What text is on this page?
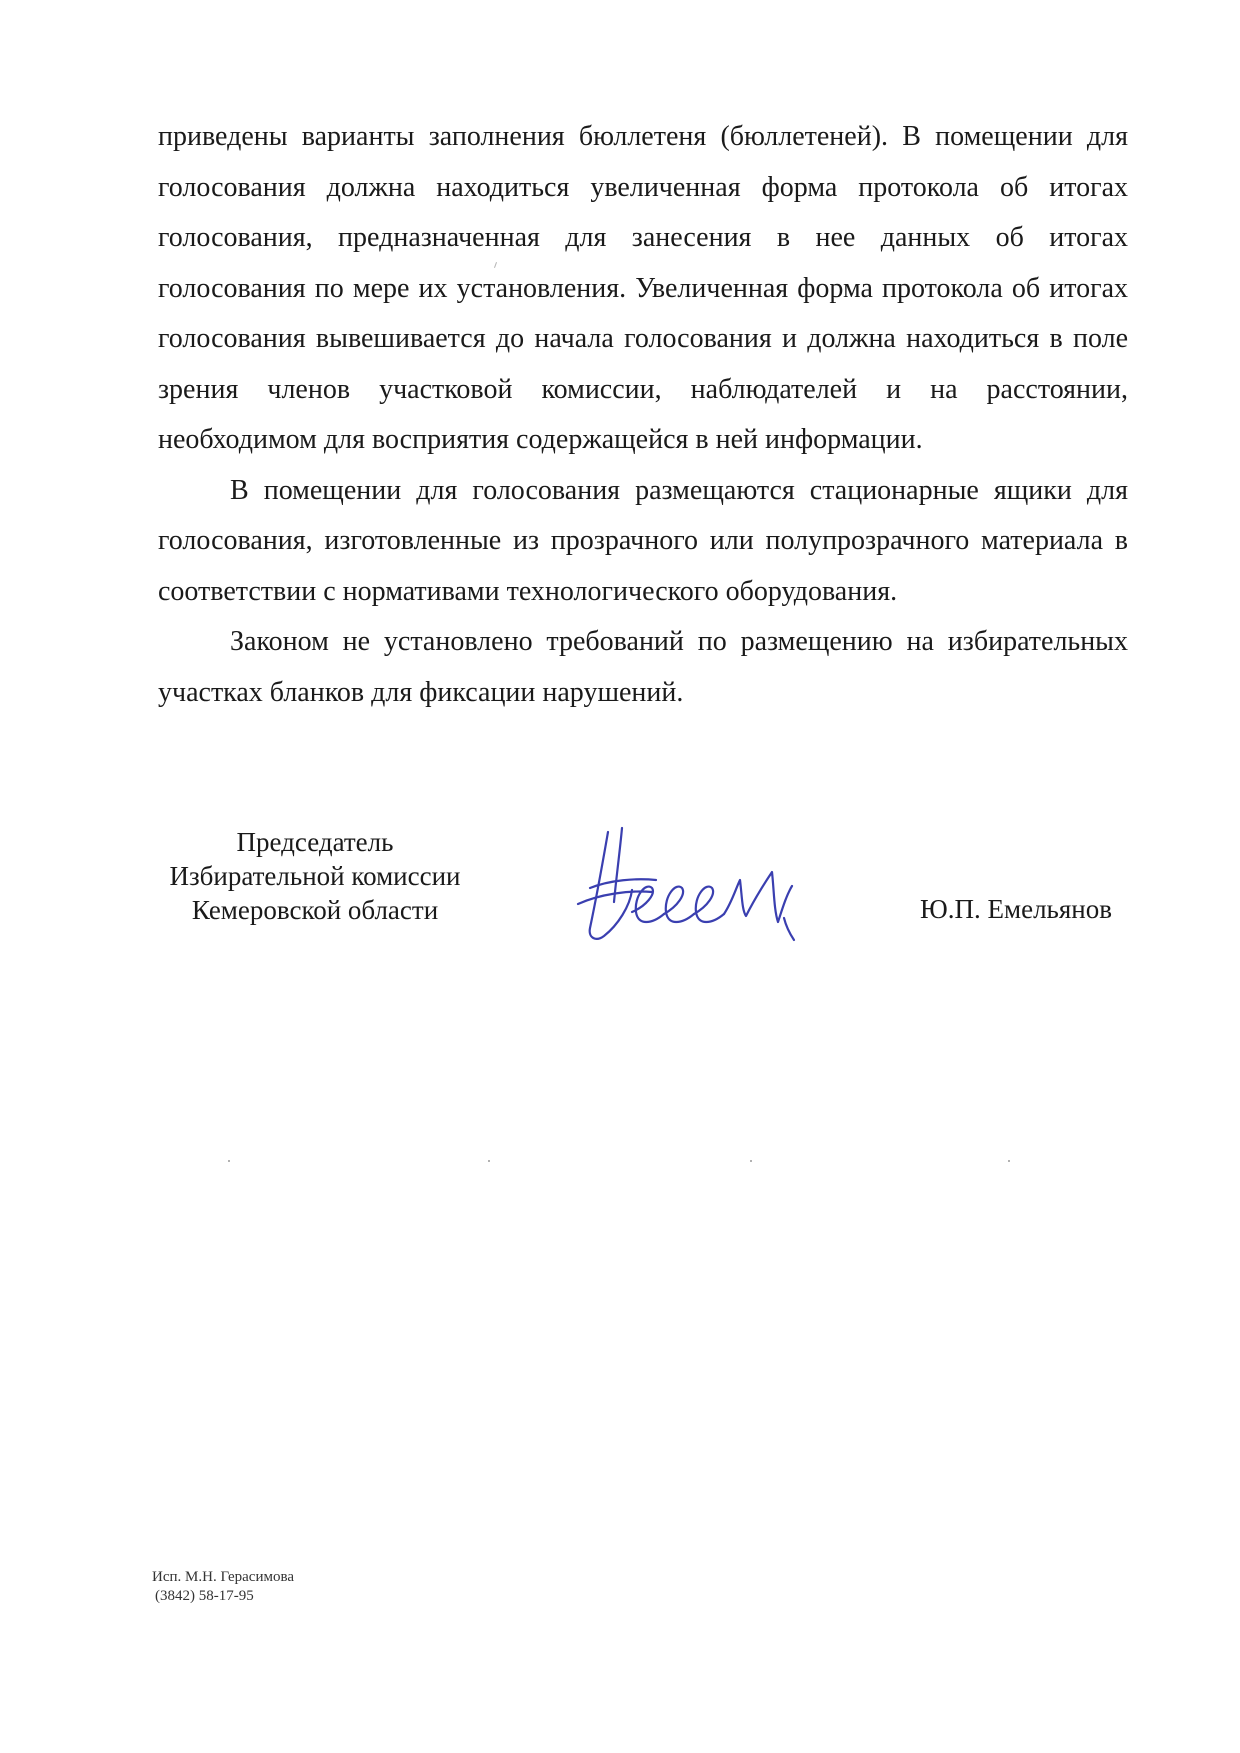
приведены варианты заполнения бюллетеня (бюллетеней). В помещении для голосования должна находиться увеличенная форма протокола об итогах голосования, предназначенная для занесения в нее данных об итогах голосования по мере их установления. Увеличенная форма протокола об итогах голосования вывешивается до начала голосования и должна находиться в поле зрения членов участковой комиссии, наблюдателей и на расстоянии, необходимом для восприятия содержащейся в ней информации.

В помещении для голосования размещаются стационарные ящики для голосования, изготовленные из прозрачного или полупрозрачного материала в соответствии с нормативами технологического оборудования.

Законом не установлено требований по размещению на избирательных участках бланков для фиксации нарушений.

Председатель
Избирательной комиссии
Кемеровской области	Ю.П. Емельянов
Исп. М.Н. Герасимова
(3842) 58-17-95
